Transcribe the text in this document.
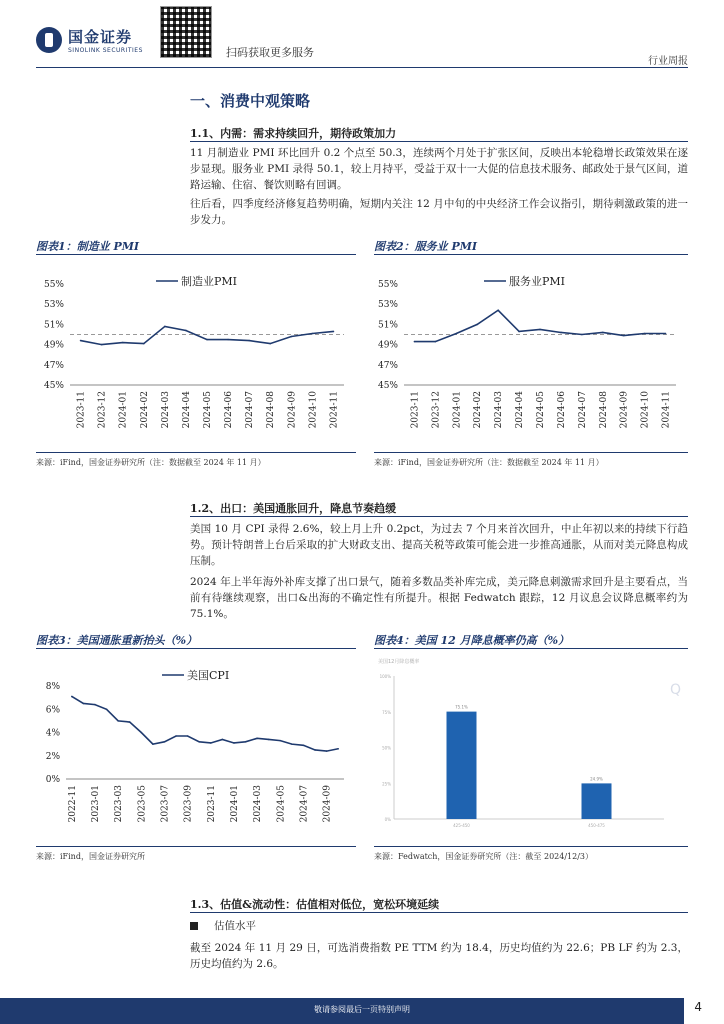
国金证券
SINOLINK SECURITIES	扫码获取更多服务
行业周报
一、消费中观策略
1.1、内需：需求持续回升，期待政策加力
11 月制造业 PMI 环比回升 0.2 个点至 50.3，连续两个月处于扩张区间，反映出本轮稳增长政策效果在逐步显现。服务业 PMI 录得 50.1，较上月持平，受益于双十一大促的信息技术服务、邮政处于景气区间，道路运输、住宿、餐饮则略有回调。
往后看，四季度经济修复趋势明确，短期内关注 12 月中旬的中央经济工作会议指引，期待刺激政策的进一步发力。
图表1：制造业 PMI	图表2：服务业 PMI
45%
47%
49%
51%
53%
55%
2023-11 2023-12 2024-01 2024-02 2024-03 2024-04 2024-05 2024-06 2024-07 2024-08 2024-09 2024-10 2024-11
制造业PMI
45%
47%
49%
51%
53%
55%
2023-11 2023-12 2024-01 2024-02 2024-03 2024-04 2024-05 2024-06 2024-07 2024-08 2024-09 2024-10 2024-11
服务业PMI
来源：iFind，国金证券研究所（注：数据截至 2024 年 11 月）	来源：iFind，国金证券研究所（注：数据截至 2024 年 11 月）
1.2、出口：美国通胀回升，降息节奏趋缓
美国 10 月 CPI 录得 2.6%，较上月上升 0.2pct，为过去 7 个月来首次回升，中止年初以来的持续下行趋势。预计特朗普上台后采取的扩大财政支出、提高关税等政策可能会进一步推高通胀，从而对美元降息构成压制。
2024 年上半年海外补库支撑了出口景气，随着多数品类补库完成，美元降息刺激需求回升是主要看点，当前有待继续观察，出口&出海的不确定性有所提升。根据 Fedwatch 跟踪，12 月议息会议降息概率约为 75.1%。
图表3：美国通胀重新抬头（%）	图表4：美国 12 月降息概率仍高（%）
0%
2%
4%
6%
8%
2022-11 2023-01 2023-03 2023-05 2023-07 2023-09 2023-11 2024-01 2024-03 2024-05 2024-07 2024-09
美国CPI
美国12月降息概率
0%
25%
50%
75%
100%
75.1%
425-450
24.9%
450-475
Q
来源：iFind，国金证券研究所	来源：Fedwatch，国金证券研究所（注：截至 2024/12/3）
1.3、估值&流动性：估值相对低位，宽松环境延续
估值水平
截至 2024 年 11 月 29 日，可选消费指数 PE TTM 约为 18.4，历史均值约为 22.6；PB LF 约为 2.3，历史均值约为 2.6。
敬请参阅最后一页特别声明	4
